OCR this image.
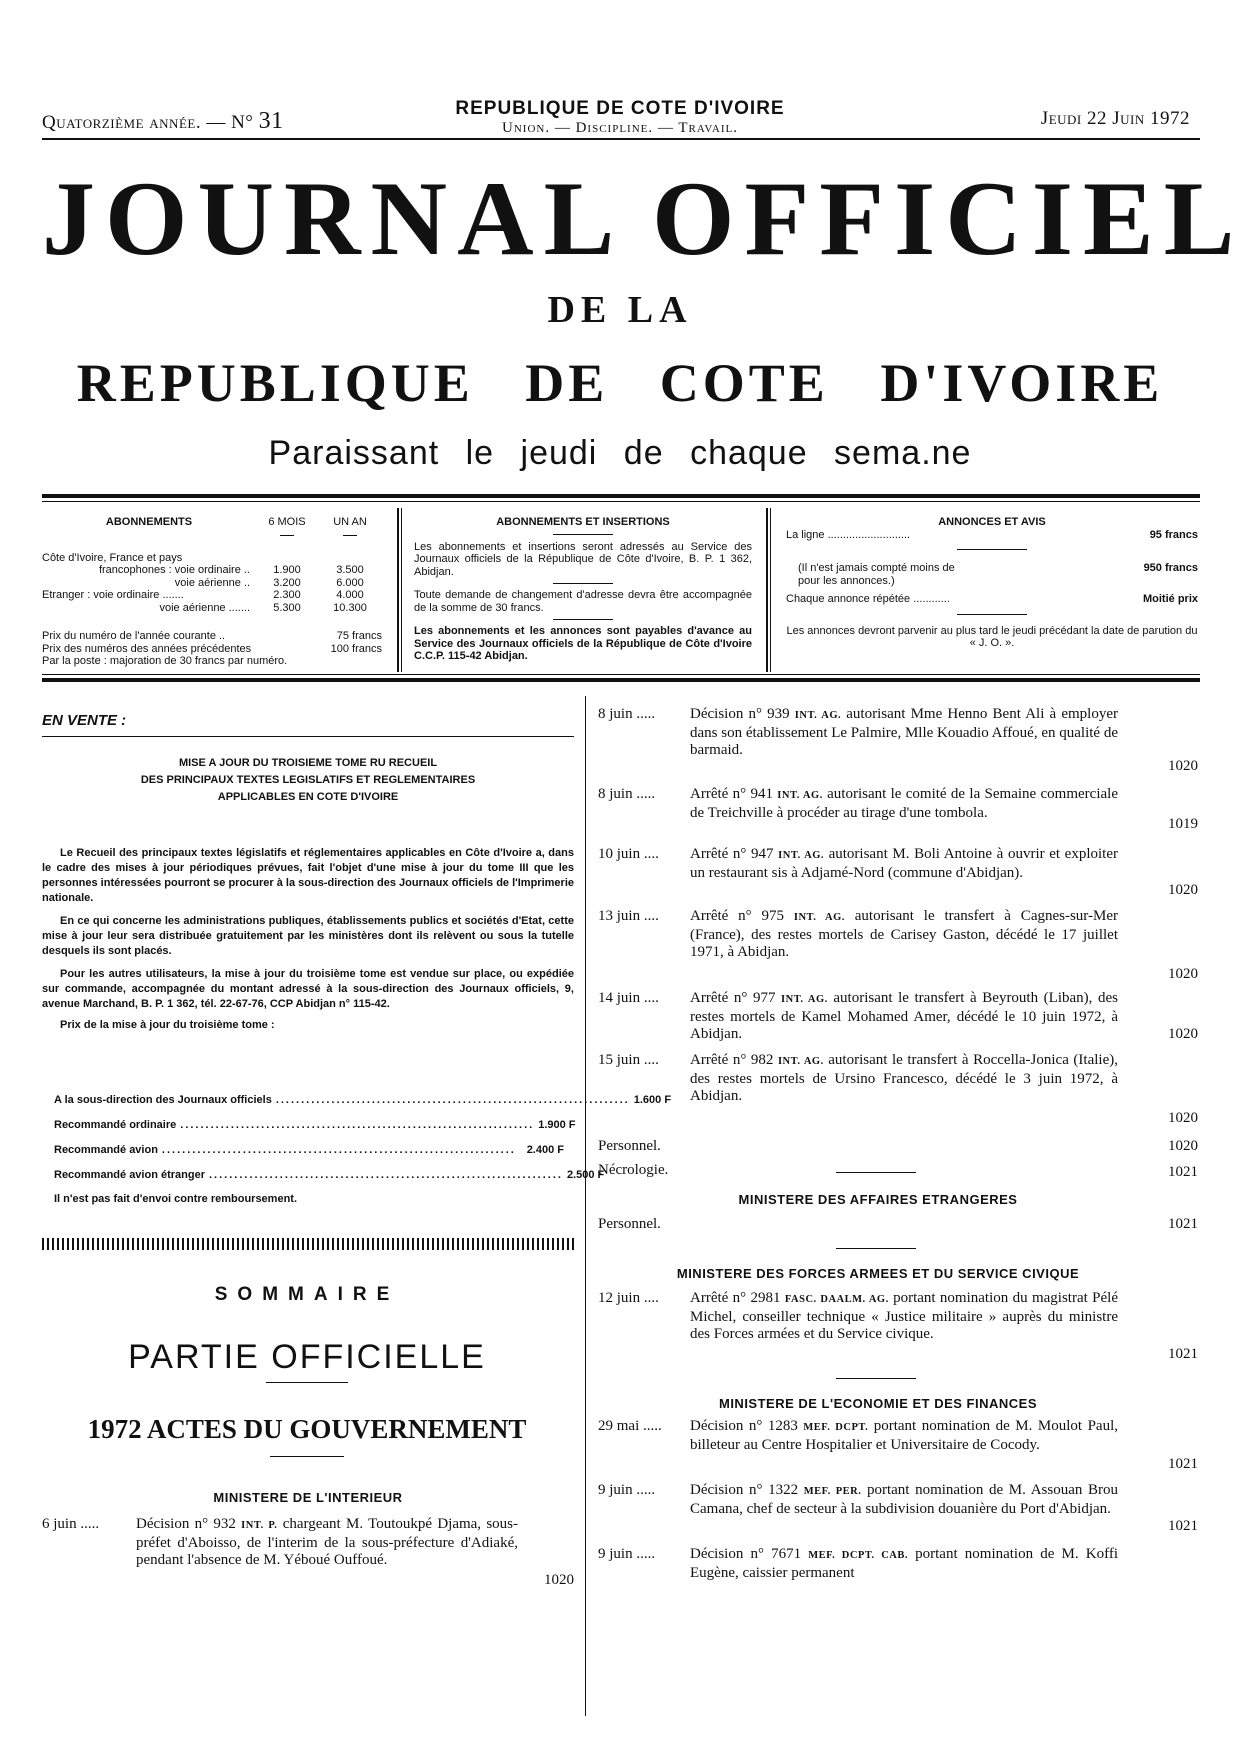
Quatorzième année. — N° 31	REPUBLIQUE DE COTE D'IVOIRE
Union. — Discipline. — Travail.	Jeudi 22 Juin 1972
JOURNAL OFFICIEL
DE LA
REPUBLIQUE DE COTE D'IVOIRE
Paraissant le jeudi de chaque sema.ne
ABONNEMENTS	6 MOIS	UN AN
Côte d'Ivoire, France et pays
francophones : voie ordinaire ..	1.900	3.500
voie aérienne ..	3.200	6.000
Etranger : voie ordinaire .......	2.300	4.000
voie aérienne .......	5.300	10.300
Prix du numéro de l'année courante ..	75 francs
Prix des numéros des années précédentes	100 francs
Par la poste : majoration de 30 francs par numéro.
ABONNEMENTS ET INSERTIONS
Les abonnements et insertions seront adressés au Service des Journaux officiels de la République de Côte d'Ivoire, B. P. 1 362, Abidjan.
Toute demande de changement d'adresse devra être accompagnée de la somme de 30 francs.
Les abonnements et les annonces sont payables d'avance au Service des Journaux officiels de la République de Côte d'Ivoire C.C.P. 115-42 Abidjan.
ANNONCES ET AVIS
La ligne ...........................	95 francs
(Il n'est jamais compté moins de	950 francs
pour les annonces.)
Chaque annonce répétée ............	Moitié prix
Les annonces devront parvenir au plus tard le jeudi précédant la date de parution du « J. O. ».
EN VENTE :
MISE A JOUR DU TROISIEME TOME RU RECUEIL
DES PRINCIPAUX TEXTES LEGISLATIFS ET REGLEMENTAIRES
APPLICABLES EN COTE D'IVOIRE
Le Recueil des principaux textes législatifs et réglementaires applicables en Côte d'Ivoire a, dans le cadre des mises à jour périodiques prévues, fait l'objet d'une mise à jour du tome III que les personnes intéressées pourront se procurer à la sous-direction des Journaux officiels de l'Imprimerie nationale.
En ce qui concerne les administrations publiques, établissements publics et sociétés d'Etat, cette mise à jour leur sera distribuée gratuitement par les ministères dont ils relèvent ou sous la tutelle desquels ils sont placés.
Pour les autres utilisateurs, la mise à jour du troisième tome est vendue sur place, ou expédiée sur commande, accompagnée du montant adressé à la sous-direction des Journaux officiels, 9, avenue Marchand, B. P. 1 362, tél. 22-67-76, CCP Abidjan n° 115-42.
Prix de la mise à jour du troisième tome :
A la sous-direction des Journaux officiels ...................................................................... 1.600 F
Recommandé ordinaire ...................................................................... 1.900 F
Recommandé avion ...................................................................... 2.400 F
Recommandé avion étranger ...................................................................... 2.500 F
Il n'est pas fait d'envoi contre remboursement.
SOMMAIRE
PARTIE OFFICIELLE
1972 ACTES DU GOUVERNEMENT
MINISTERE DE L'INTERIEUR
6 juin ..... Décision n° 932 INT. P. chargeant M. Toutoukpé Djama, sous-préfet d'Aboisso, de l'interim de la sous-préfecture d'Adiaké, pendant l'absence de M. Yéboué Ouffoué.
1020
8 juin ..... Décision n° 939 INT. AG. autorisant Mme Henno Bent Ali à employer dans son établissement Le Palmire, Mlle Kouadio Affoué, en qualité de barmaid.
1020
8 juin ..... Arrêté n° 941 INT. AG. autorisant le comité de la Semaine commerciale de Treichville à procéder au tirage d'une tombola.
1019
10 juin .... Arrêté n° 947 INT. AG. autorisant M. Boli Antoine à ouvrir et exploiter un restaurant sis à Adjamé-Nord (commune d'Abidjan).
1020
13 juin .... Arrêté n° 975 INT. AG. autorisant le transfert à Cagnes-sur-Mer (France), des restes mortels de Carisey Gaston, décédé le 17 juillet 1971, à Abidjan.
1020
14 juin .... Arrêté n° 977 INT. AG. autorisant le transfert à Beyrouth (Liban), des restes mortels de Kamel Mohamed Amer, décédé le 10 juin 1972, à Abidjan.	1020
15 juin .... Arrêté n° 982 INT. AG. autorisant le transfert à Roccella-Jonica (Italie), des restes mortels de Ursino Francesco, décédé le 3 juin 1972, à Abidjan.
1020
Personnel.	1020
Nécrologie.	1021
MINISTERE DES AFFAIRES ETRANGERES
Personnel.	1021
MINISTERE DES FORCES ARMEES ET DU SERVICE CIVIQUE
12 juin .... Arrêté n° 2981 FASC. DAALM. AG. portant nomination du magistrat Pélé Michel, conseiller technique « Justice militaire » auprès du ministre des Forces armées et du Service civique.
1021
MINISTERE DE L'ECONOMIE ET DES FINANCES
29 mai ..... Décision n° 1283 MEF. DCPT. portant nomination de M. Moulot Paul, billeteur au Centre Hospitalier et Universitaire de Cocody.
1021
9 juin ..... Décision n° 1322 MEF. PER. portant nomination de M. Assouan Brou Camana, chef de secteur à la subdivision douanière du Port d'Abidjan.
1021
9 juin ..... Décision n° 7671 MEF. DCPT. CAB. portant nomination de M. Koffi Eugène, caissier permanent
